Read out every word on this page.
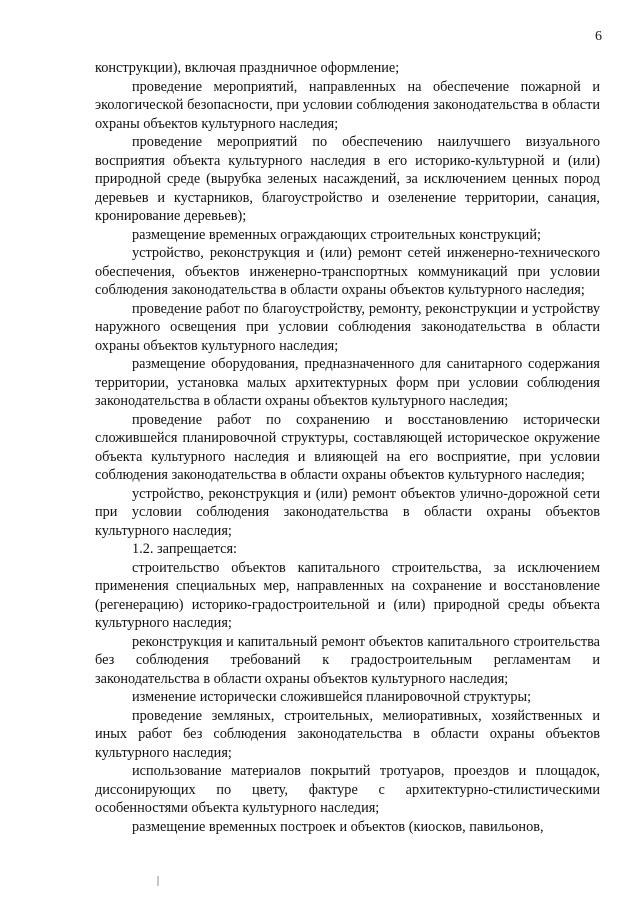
6

конструкции), включая праздничное оформление;

проведение мероприятий, направленных на обеспечение пожарной и экологической безопасности, при условии соблюдения законодательства в области охраны объектов культурного наследия;

проведение мероприятий по обеспечению наилучшего визуального восприятия объекта культурного наследия в его историко-культурной и (или) природной среде (вырубка зеленых насаждений, за исключением ценных пород деревьев и кустарников, благоустройство и озеленение территории, санация, кронирование деревьев);

размещение временных ограждающих строительных конструкций;

устройство, реконструкция и (или) ремонт сетей инженерно-технического обеспечения, объектов инженерно-транспортных коммуникаций при условии соблюдения законодательства в области охраны объектов культурного наследия;

проведение работ по благоустройству, ремонту, реконструкции и устройству наружного освещения при условии соблюдения законодательства в области охраны объектов культурного наследия;

размещение оборудования, предназначенного для санитарного содержания территории, установка малых архитектурных форм при условии соблюдения законодательства в области охраны объектов культурного наследия;

проведение работ по сохранению и восстановлению исторически сложившейся планировочной структуры, составляющей историческое окружение объекта культурного наследия и влияющей на его восприятие, при условии соблюдения законодательства в области охраны объектов культурного наследия;

устройство, реконструкция и (или) ремонт объектов улично-дорожной сети при условии соблюдения законодательства в области охраны объектов культурного наследия;

1.2. запрещается:

строительство объектов капитального строительства, за исключением применения специальных мер, направленных на сохранение и восстановление (регенерацию) историко-градостроительной и (или) природной среды объекта культурного наследия;

реконструкция и капитальный ремонт объектов капитального строительства без соблюдения требований к градостроительным регламентам и законодательства в области охраны объектов культурного наследия;

изменение исторически сложившейся планировочной структуры;

проведение земляных, строительных, мелиоративных, хозяйственных и иных работ без соблюдения законодательства в области охраны объектов культурного наследия;

использование материалов покрытий тротуаров, проездов и площадок, диссонирующих по цвету, фактуре с архитектурно-стилистическими особенностями объекта культурного наследия;

размещение временных построек и объектов (киосков, павильонов,
